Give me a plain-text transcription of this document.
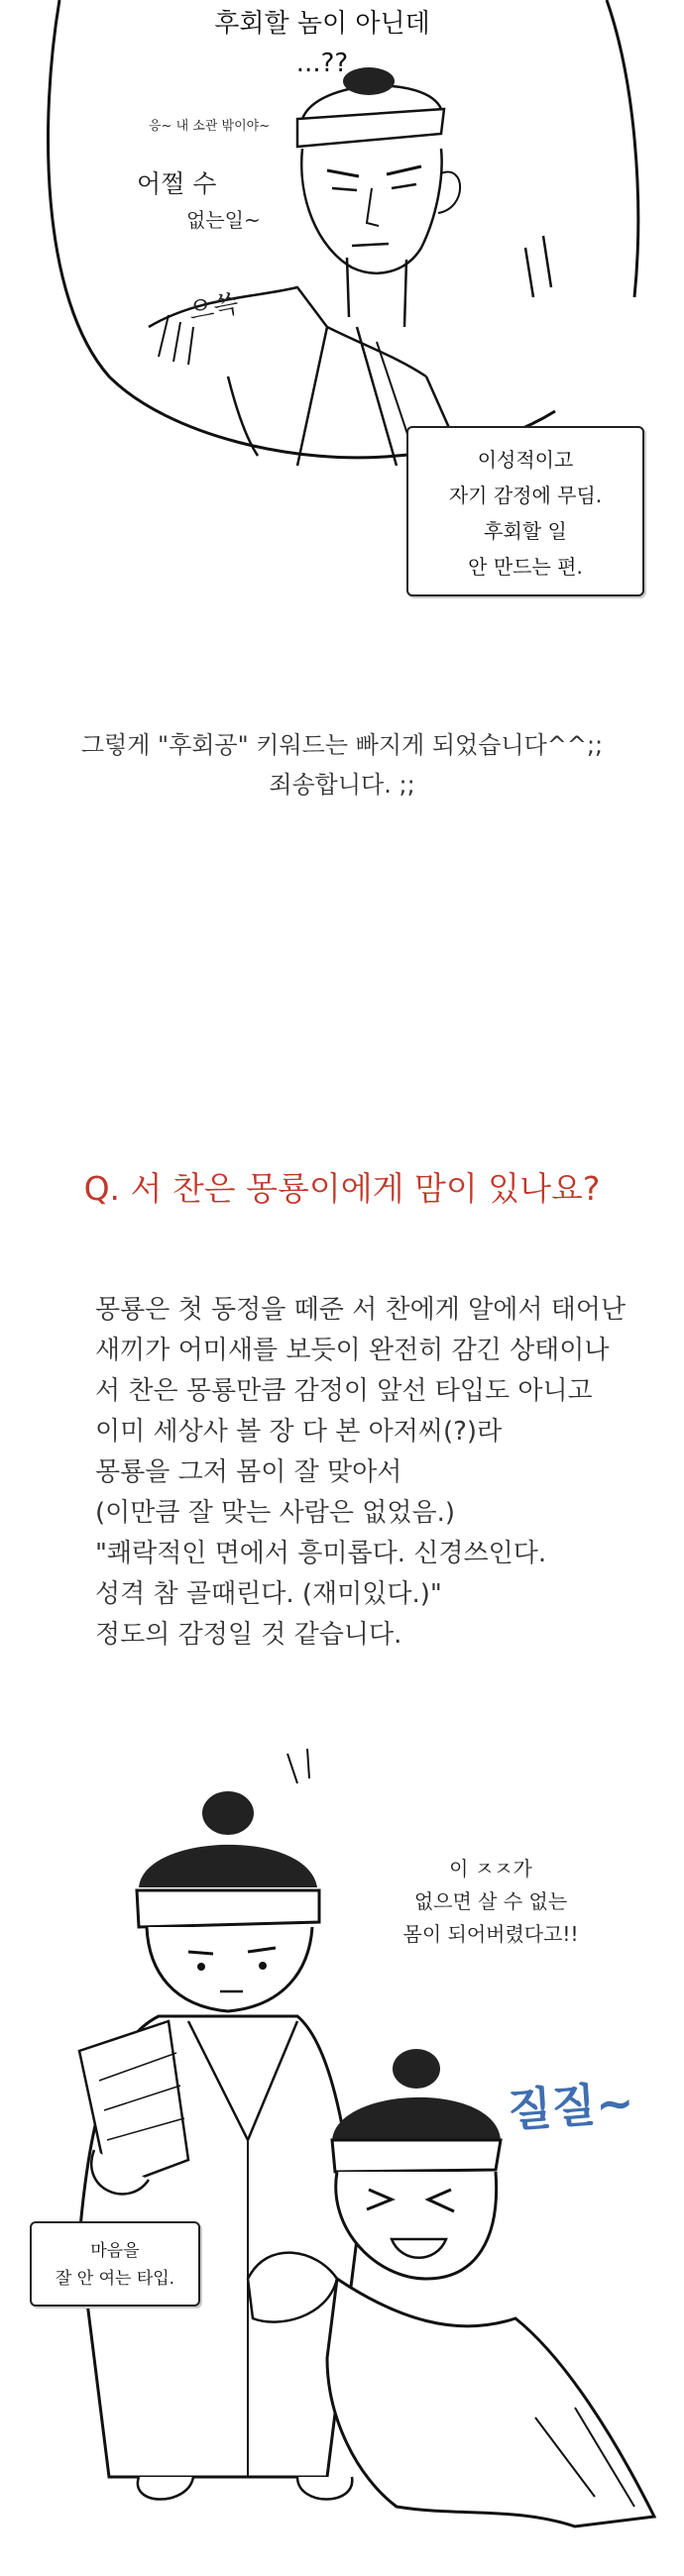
후회할 놈이 아닌데
...??
응~ 내 소관 밖이야~
어쩔 수
없는일~
으쓱
이성적이고
자기 감정에 무딤.
후회할 일
안 만드는 편.
그렇게 "후회공" 키워드는 빠지게 되었습니다^^;;
죄송합니다. ;;
Q. 서 찬은 몽룡이에게 맘이 있나요?
몽룡은 첫 동정을 떼준 서 찬에게 알에서 태어난
새끼가 어미새를 보듯이 완전히 감긴 상태이나
서 찬은 몽룡만큼 감정이 앞선 타입도 아니고
이미 세상사 볼 장 다 본 아저씨(?)라
몽룡을 그저 몸이 잘 맞아서
(이만큼 잘 맞는 사람은 없었음.)
"쾌락적인 면에서 흥미롭다. 신경쓰인다.
성격 참 골때린다. (재미있다.)"
정도의 감정일 것 같습니다.
이 ㅈㅈ가
없으면 살 수 없는
몸이 되어버렸다고!!
질질~
마음을
잘 안 여는 타입.
